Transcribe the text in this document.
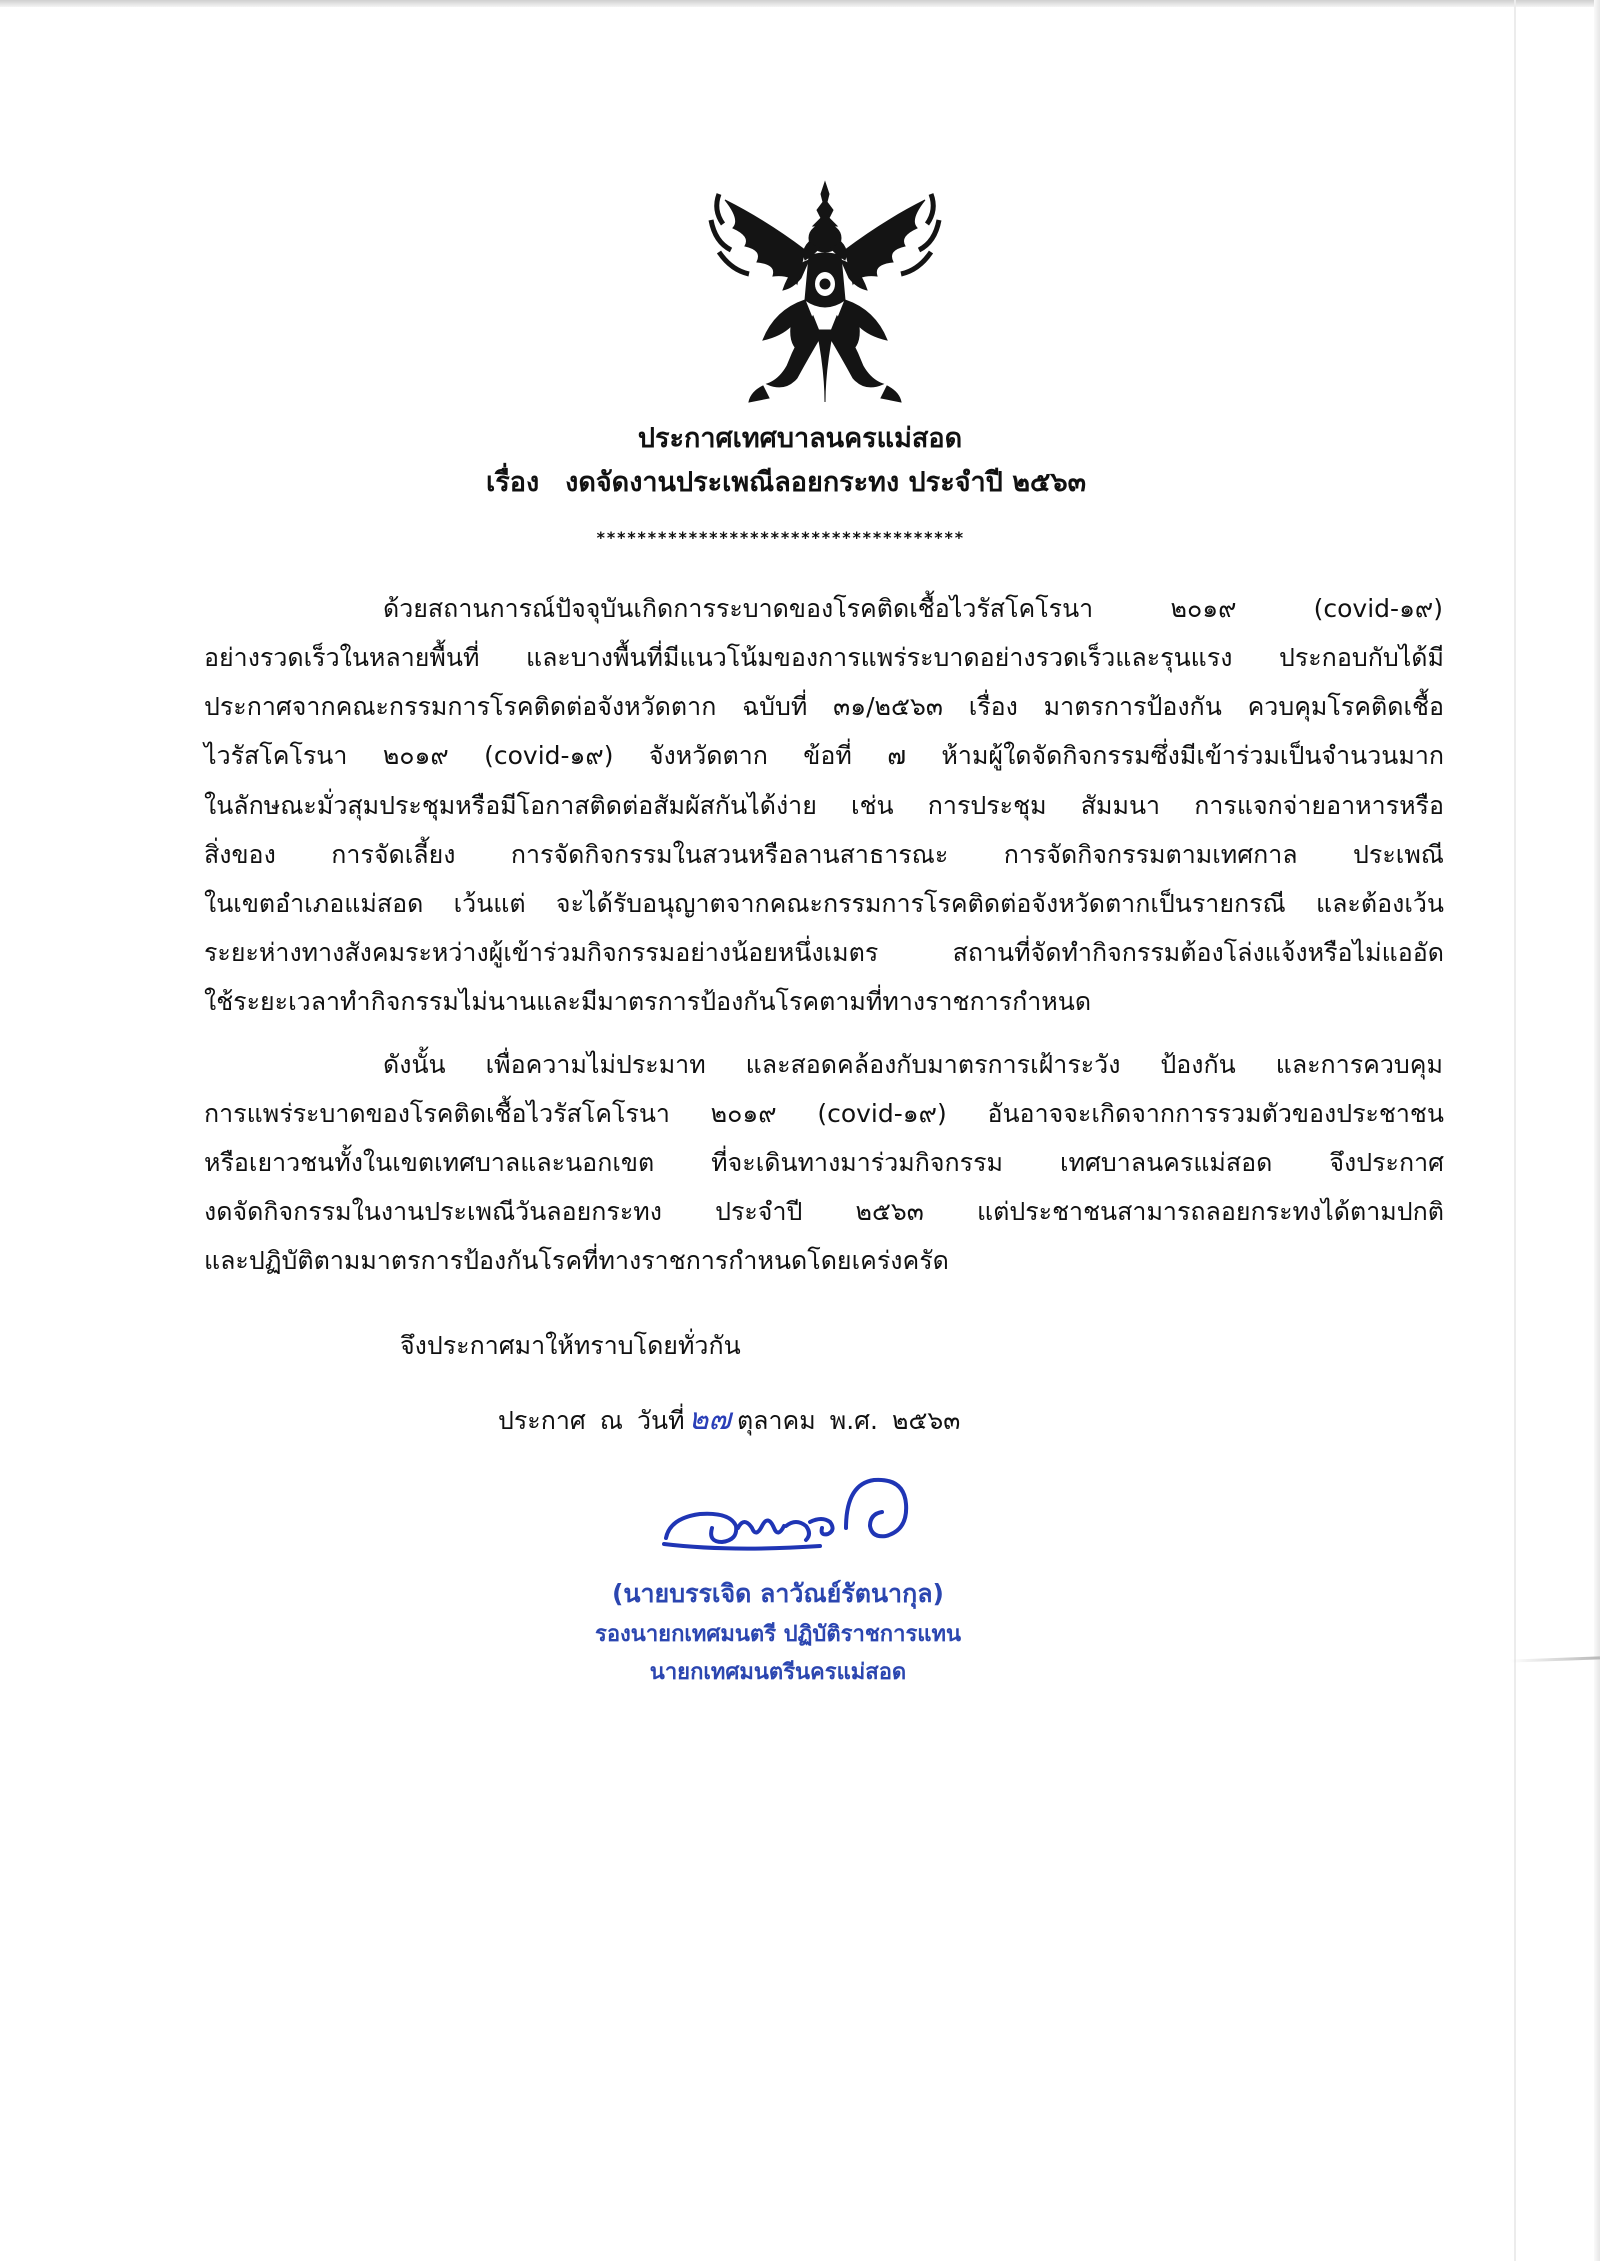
ประกาศเทศบาลนครแม่สอด
เรื่อง งดจัดงานประเพณีลอยกระทง ประจำปี ๒๕๖๓
************************************
ด้วยสถานการณ์ปัจจุบันเกิดการระบาดของโรคติดเชื้อไวรัสโคโรนา ๒๐๑๙ (covid-๑๙)
อย่างรวดเร็วในหลายพื้นที่ และบางพื้นที่มีแนวโน้มของการแพร่ระบาดอย่างรวดเร็วและรุนแรง ประกอบกับได้มี
ประกาศจากคณะกรรมการโรคติดต่อจังหวัดตาก ฉบับที่ ๓๑/๒๕๖๓ เรื่อง มาตรการป้องกัน ควบคุมโรคติดเชื้อ
ไวรัสโคโรนา ๒๐๑๙ (covid-๑๙) จังหวัดตาก ข้อที่ ๗ ห้ามผู้ใดจัดกิจกรรมซึ่งมีเข้าร่วมเป็นจำนวนมาก
ในลักษณะมั่วสุมประชุมหรือมีโอกาสติดต่อสัมผัสกันได้ง่าย เช่น การประชุม สัมมนา การแจกจ่ายอาหารหรือ
สิ่งของ การจัดเลี้ยง การจัดกิจกรรมในสวนหรือลานสาธารณะ การจัดกิจกรรมตามเทศกาล ประเพณี
ในเขตอำเภอแม่สอด เว้นแต่ จะได้รับอนุญาตจากคณะกรรมการโรคติดต่อจังหวัดตากเป็นรายกรณี และต้องเว้น
ระยะห่างทางสังคมระหว่างผู้เข้าร่วมกิจกรรมอย่างน้อยหนึ่งเมตร สถานที่จัดทำกิจกรรมต้องโล่งแจ้งหรือไม่แออัด
ใช้ระยะเวลาทำกิจกรรมไม่นานและมีมาตรการป้องกันโรคตามที่ทางราชการกำหนด
ดังนั้น เพื่อความไม่ประมาท และสอดคล้องกับมาตรการเฝ้าระวัง ป้องกัน และการควบคุม
การแพร่ระบาดของโรคติดเชื้อไวรัสโคโรนา ๒๐๑๙ (covid-๑๙) อันอาจจะเกิดจากการรวมตัวของประชาชน
หรือเยาวชนทั้งในเขตเทศบาลและนอกเขต ที่จะเดินทางมาร่วมกิจกรรม เทศบาลนครแม่สอด จึงประกาศ
งดจัดกิจกรรมในงานประเพณีวันลอยกระทง ประจำปี ๒๕๖๓ แต่ประชาชนสามารถลอยกระทงได้ตามปกติ
และปฏิบัติตามมาตรการป้องกันโรคที่ทางราชการกำหนดโดยเคร่งครัด
จึงประกาศมาให้ทราบโดยทั่วกัน
ประกาศ ณ วันที่ ๒๗ ตุลาคม พ.ศ. ๒๕๖๓
(นายบรรเจิด ลาวัณย์รัตนากุล)
รองนายกเทศมนตรี ปฏิบัติราชการแทน
นายกเทศมนตรีนครแม่สอด
